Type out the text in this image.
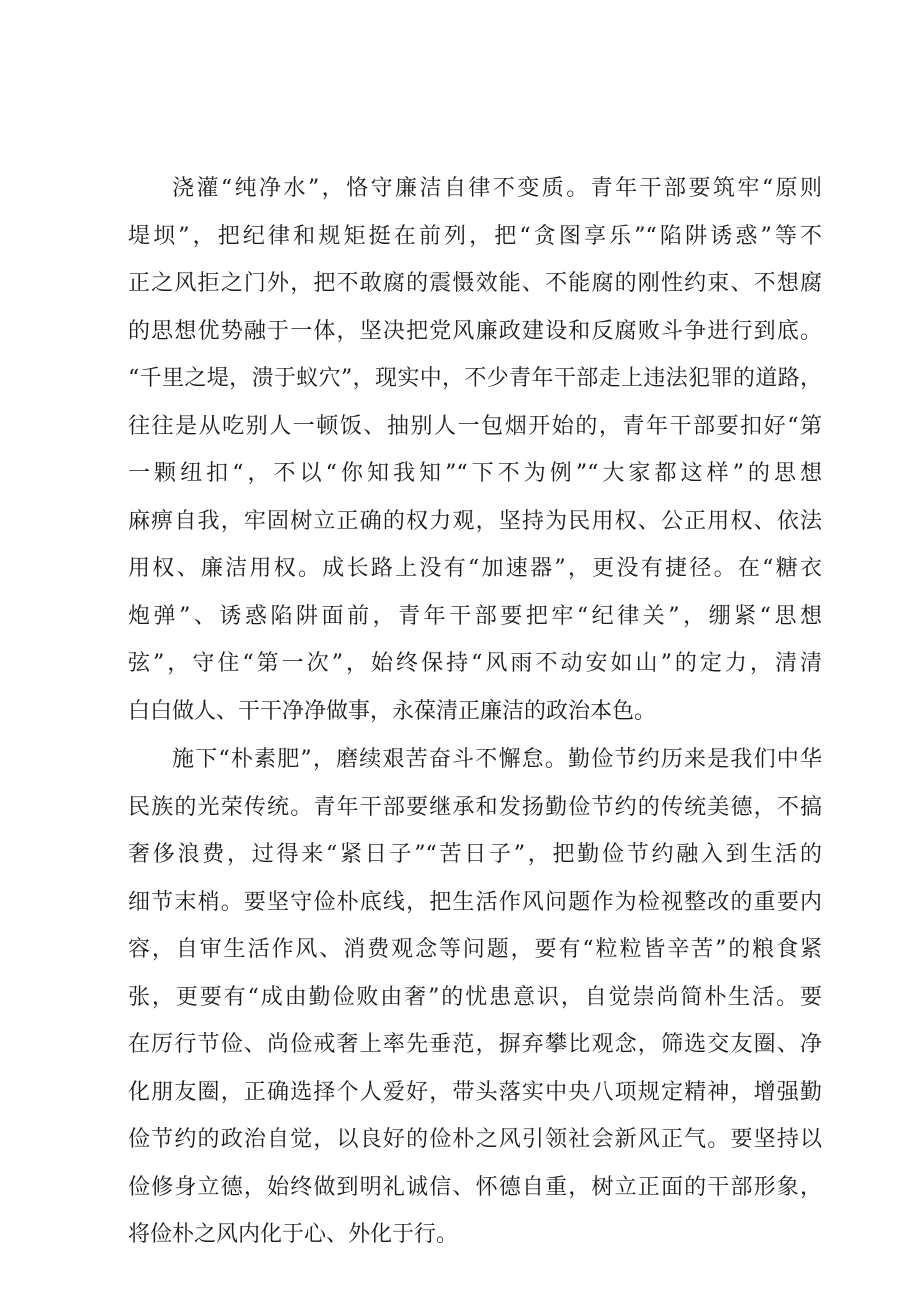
浇灌“纯净水”，恪守廉洁自律不变质。青年干部要筑牢“原则
堤坝”，把纪律和规矩挺在前列，把“贪图享乐”“陷阱诱惑”等不
正之风拒之门外，把不敢腐的震慑效能、不能腐的刚性约束、不想腐
的思想优势融于一体，坚决把党风廉政建设和反腐败斗争进行到底。
“千里之堤，溃于蚁穴”，现实中，不少青年干部走上违法犯罪的道路，
往往是从吃别人一顿饭、抽别人一包烟开始的，青年干部要扣好“第
一颗纽扣“，不以“你知我知”“下不为例”“大家都这样”的思想
麻痹自我，牢固树立正确的权力观，坚持为民用权、公正用权、依法
用权、廉洁用权。成长路上没有“加速器”，更没有捷径。在“糖衣
炮弹”、诱惑陷阱面前，青年干部要把牢“纪律关”，绷紧“思想
弦”，守住“第一次”，始终保持“风雨不动安如山”的定力，清清
白白做人、干干净净做事，永葆清正廉洁的政治本色。
施下“朴素肥”，磨续艰苦奋斗不懈怠。勤俭节约历来是我们中华
民族的光荣传统。青年干部要继承和发扬勤俭节约的传统美德，不搞
奢侈浪费，过得来“紧日子”“苦日子”，把勤俭节约融入到生活的
细节末梢。要坚守俭朴底线，把生活作风问题作为检视整改的重要内
容，自审生活作风、消费观念等问题，要有“粒粒皆辛苦”的粮食紧
张，更要有“成由勤俭败由奢”的忧患意识，自觉崇尚简朴生活。要
在厉行节俭、尚俭戒奢上率先垂范，摒弃攀比观念，筛选交友圈、净
化朋友圈，正确选择个人爱好，带头落实中央八项规定精神，增强勤
俭节约的政治自觉，以良好的俭朴之风引领社会新风正气。要坚持以
俭修身立德，始终做到明礼诚信、怀德自重，树立正面的干部形象，
将俭朴之风内化于心、外化于行。
